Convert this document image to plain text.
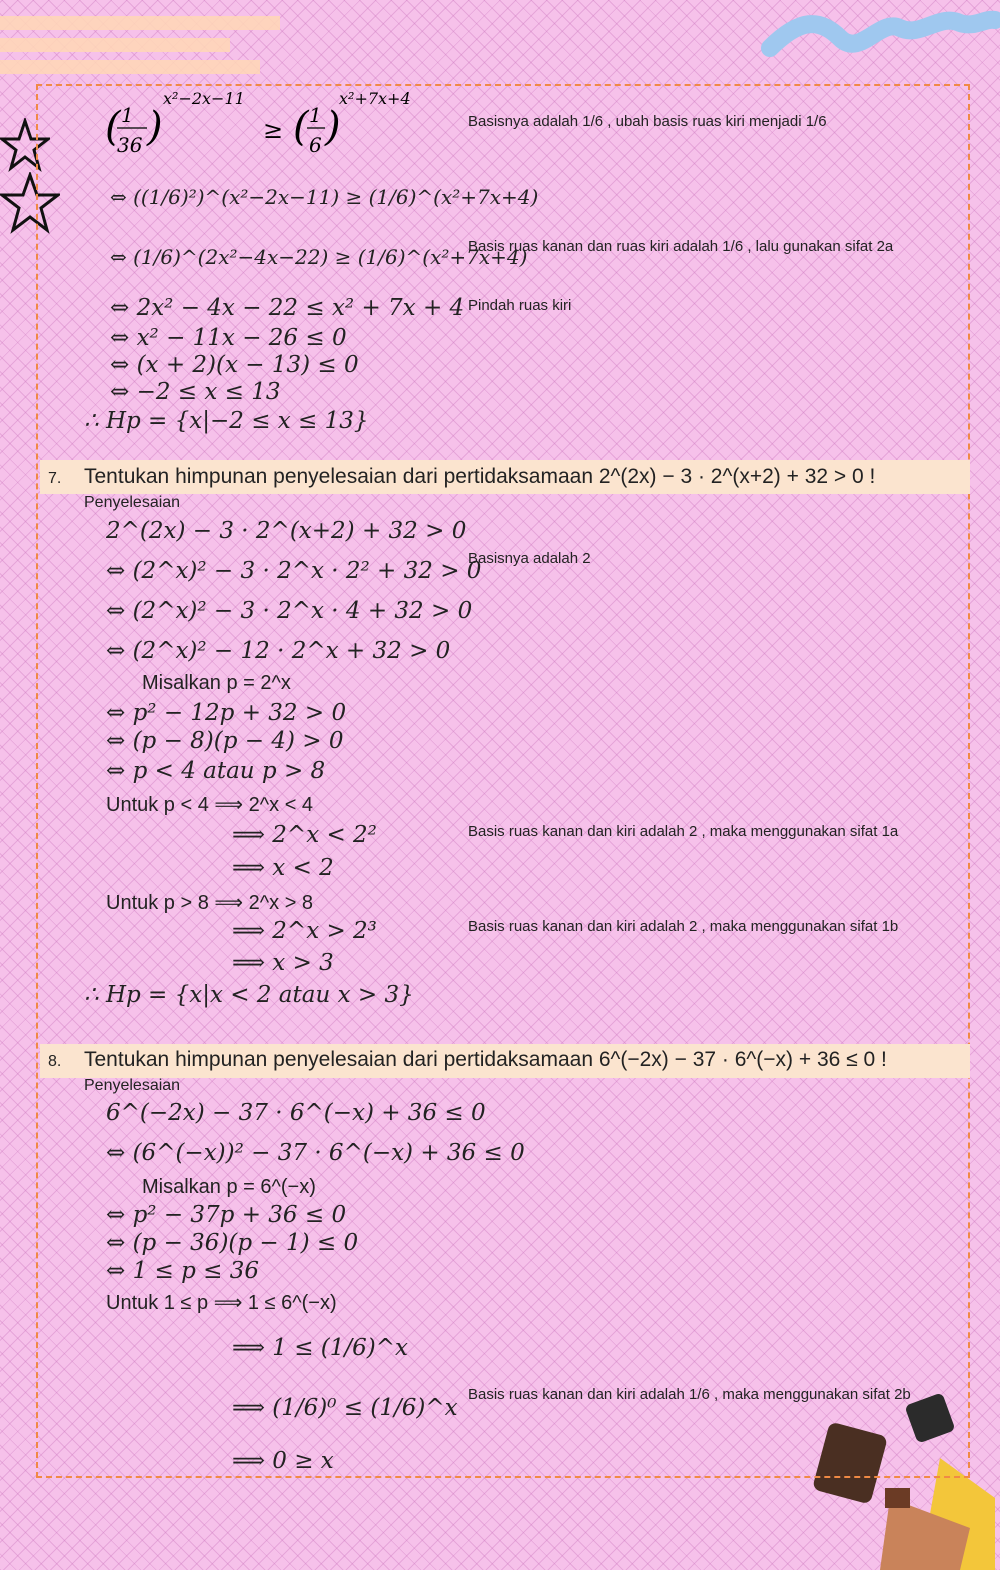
( 1
36 )
x²−2x−11
≥ ( 1
6 )
x²+7x+4
Basisnya adalah 1/6 , ubah basis ruas kiri menjadi 1/6
⇔ ((1/6)²)^(x²−2x−11) ≥ (1/6)^(x²+7x+4)
⇔ (1/6)^(2x²−4x−22) ≥ (1/6)^(x²+7x+4)
Basis ruas kanan dan ruas kiri adalah 1/6 , lalu gunakan sifat 2a
⇔ 2x² − 4x − 22 ≤ x² + 7x + 4 Pindah ruas kiri
⇔ x² − 11x − 26 ≤ 0
⇔ (x + 2)(x − 13) ≤ 0
⇔ −2 ≤ x ≤ 13
∴ Hp = {x|−2 ≤ x ≤ 13}
7. Tentukan himpunan penyelesaian dari pertidaksamaan 2^(2x) − 3 · 2^(x+2) + 32 > 0 !
Penyelesaian
2^(2x) − 3 · 2^(x+2) + 32 > 0
⇔ (2^x)² − 3 · 2^x · 2² + 32 > 0
Basisnya adalah 2
⇔ (2^x)² − 3 · 2^x · 4 + 32 > 0
⇔ (2^x)² − 12 · 2^x + 32 > 0
Misalkan p = 2^x
⇔ p² − 12p + 32 > 0
⇔ (p − 8)(p − 4) > 0
⇔ p < 4 atau p > 8
Untuk p < 4 ⟹ 2^x < 4
⟹ 2^x < 2²	Basis ruas kanan dan kiri adalah 2 , maka menggunakan sifat 1a
⟹ x < 2
Untuk p > 8 ⟹ 2^x > 8
⟹ 2^x > 2³	Basis ruas kanan dan kiri adalah 2 , maka menggunakan sifat 1b
⟹ x > 3
∴ Hp = {x|x < 2 atau x > 3}
8. Tentukan himpunan penyelesaian dari pertidaksamaan 6^(−2x) − 37 · 6^(−x) + 36 ≤ 0 !
Penyelesaian
6^(−2x) − 37 · 6^(−x) + 36 ≤ 0
⇔ (6^(−x))² − 37 · 6^(−x) + 36 ≤ 0
Misalkan p = 6^(−x)
⇔ p² − 37p + 36 ≤ 0
⇔ (p − 36)(p − 1) ≤ 0
⇔ 1 ≤ p ≤ 36
Untuk 1 ≤ p ⟹ 1 ≤ 6^(−x)
⟹ 1 ≤ (1/6)^x
⟹ (1/6)⁰ ≤ (1/6)^x
Basis ruas kanan dan kiri adalah 1/6 , maka menggunakan sifat 2b
⟹ 0 ≥ x
